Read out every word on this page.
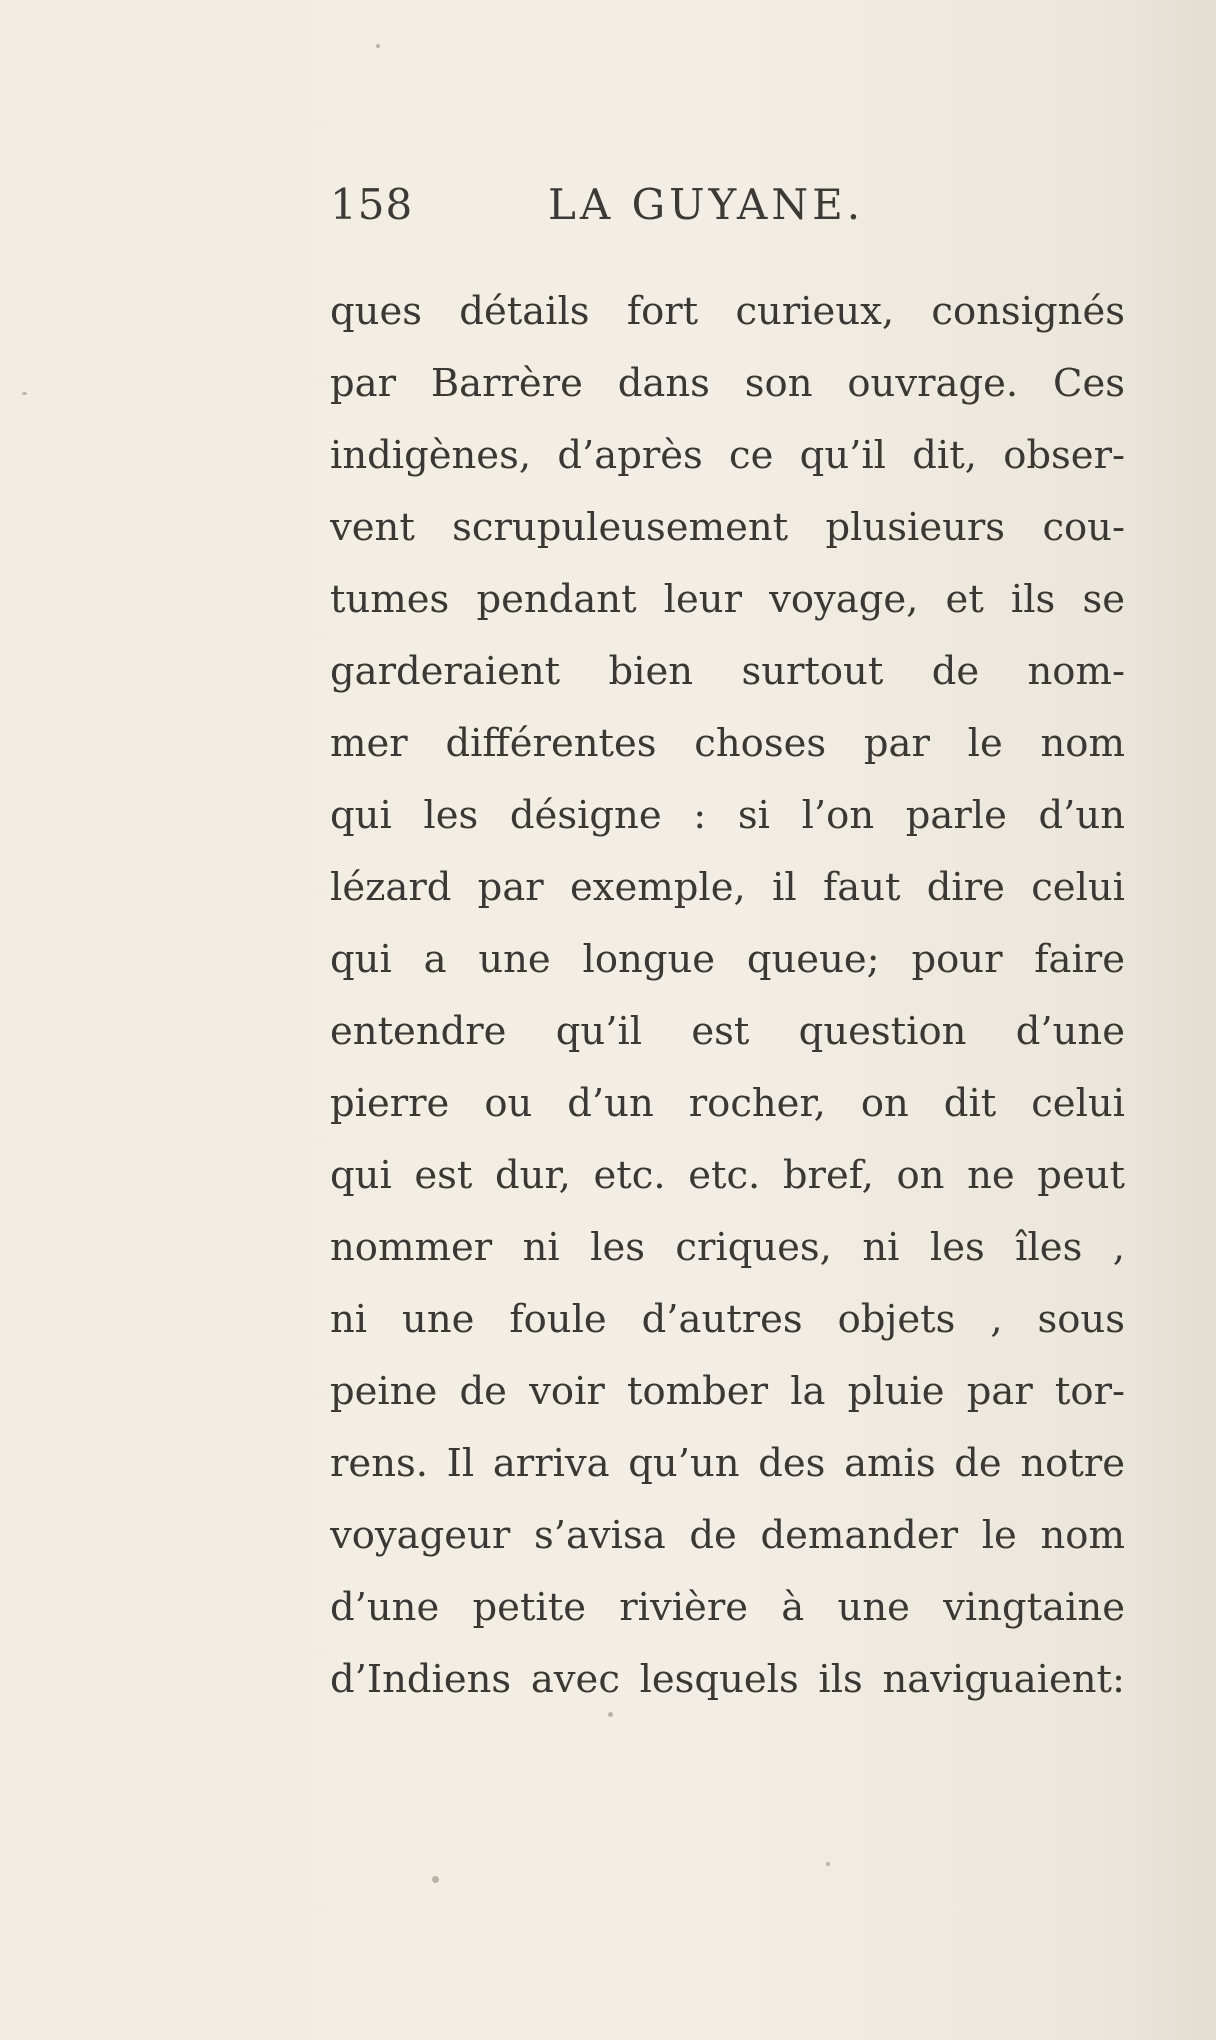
158	LA GUYANE.
ques détails fort curieux, consignés
par Barrère dans son ouvrage. Ces
indigènes, d’après ce qu’il dit, obser-
vent scrupuleusement plusieurs cou-
tumes pendant leur voyage, et ils se
garderaient bien surtout de nom-
mer différentes choses par le nom
qui les désigne : si l’on parle d’un
lézard par exemple, il faut dire celui
qui a une longue queue; pour faire
entendre qu’il est question d’une
pierre ou d’un rocher, on dit celui
qui est dur, etc. etc. bref, on ne peut
nommer ni les criques, ni les îles ,
ni une foule d’autres objets , sous
peine de voir tomber la pluie par tor-
rens. Il arriva qu’un des amis de notre
voyageur s’avisa de demander le nom
d’une petite rivière à une vingtaine
d’Indiens avec lesquels ils naviguaient:
